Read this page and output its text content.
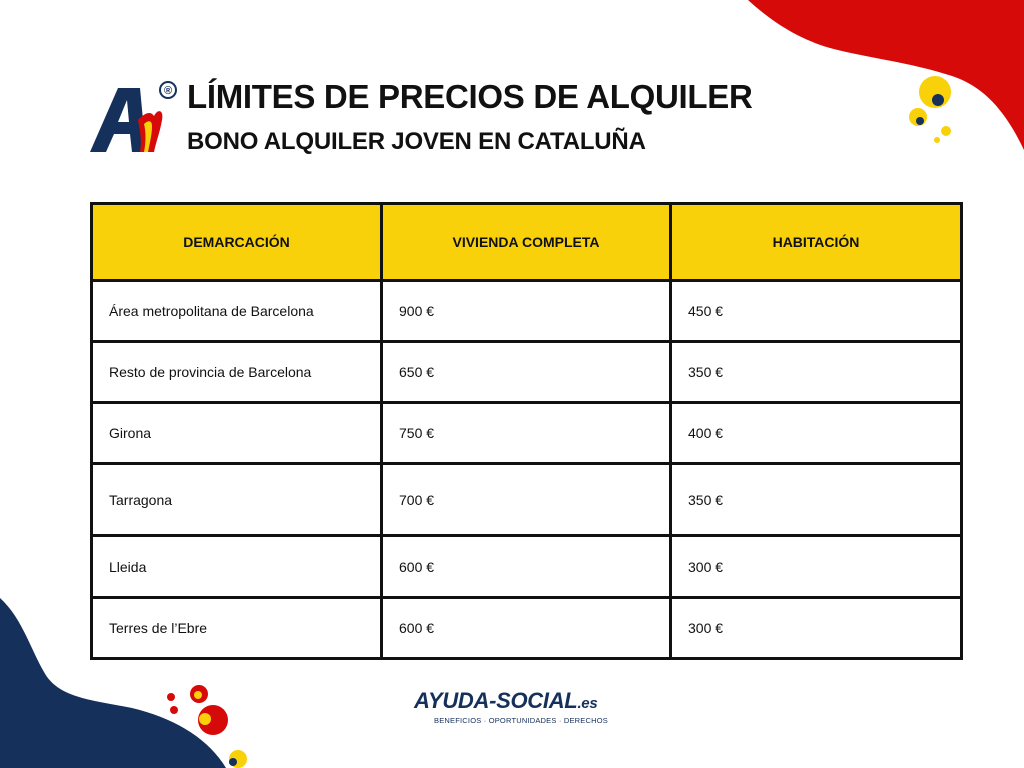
® LÍMITES DE PRECIOS DE ALQUILER
BONO ALQUILER JOVEN EN CATALUÑA
DEMARCACIÓN	VIVIENDA COMPLETA	HABITACIÓN
Área metropolitana de Barcelona	900 €	450 €
Resto de provincia de Barcelona	650 €	350 €
Girona	750 €	400 €
Tarragona	700 €	350 €
Lleida	600 €	300 €
Terres de l’Ebre	600 €	300 €
AYUDA-SOCIAL.es
BENEFICIOS · OPORTUNIDADES · DERECHOS
